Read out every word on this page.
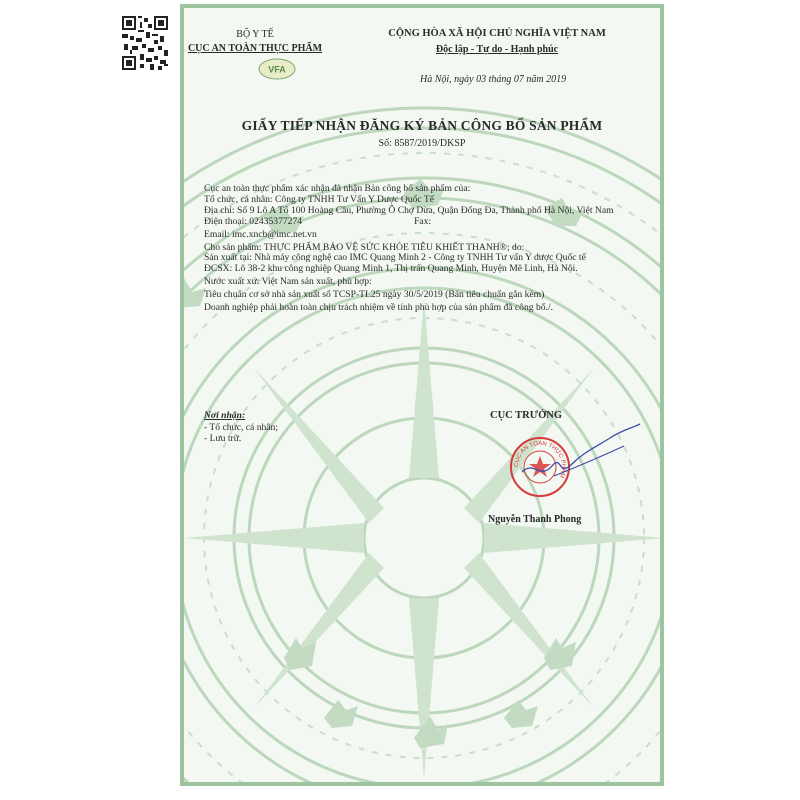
BỘ Y TẾ
CỤC AN TOÀN THỰC PHẨM
VFA
CỘNG HÒA XÃ HỘI CHỦ NGHĨA VIỆT NAM
Độc lập - Tự do - Hạnh phúc
Hà Nội, ngày 03 tháng 07 năm 2019
GIẤY TIẾP NHẬN ĐĂNG KÝ BẢN CÔNG BỐ SẢN PHẨM
Số: 8587/2019/DKSP

Cục an toàn thực phẩm xác nhận đã nhận Bản công bố sản phẩm của:

Tổ chức, cá nhân: Công ty TNHH Tư Vấn Y Dược Quốc Tế

Địa chỉ: Số 9 Lô A Tổ 100 Hoàng Cầu, Phường Ô Chợ Dừa, Quận Đống Đa, Thành phố Hà Nội, Việt Nam

Điện thoại: 02435377274	Fax:

Email: imc.xncb@imc.net.vn

Cho sản phẩm: THỰC PHẨM BẢO VỆ SỨC KHỎE TIÊU KHIẾT THANH®; do:

Sản xuất tại: Nhà máy công nghệ cao IMC Quang Minh 2 - Công ty TNHH Tư vấn Y dược Quốc tế

ĐCSX: Lô 38-2 khu công nghiệp Quang Minh 1, Thị trấn Quang Minh, Huyện Mê Linh, Hà Nội.

Nước xuất xứ: Việt Nam sản xuất, phù hợp:

Tiêu chuẩn cơ sở nhà sản xuất số TCSP-TL25 ngày 30/5/2019 (Bản tiêu chuẩn gắn kèm)

Doanh nghiệp phải hoàn toàn chịu trách nhiệm về tính phù hợp của sản phẩm đã công bố./.

Nơi nhận:
- Tổ chức, cá nhân;
- Lưu trữ.
CỤC TRƯỞNG
CỤC AN TOÀN THỰC PHẨM
Nguyễn Thanh Phong
